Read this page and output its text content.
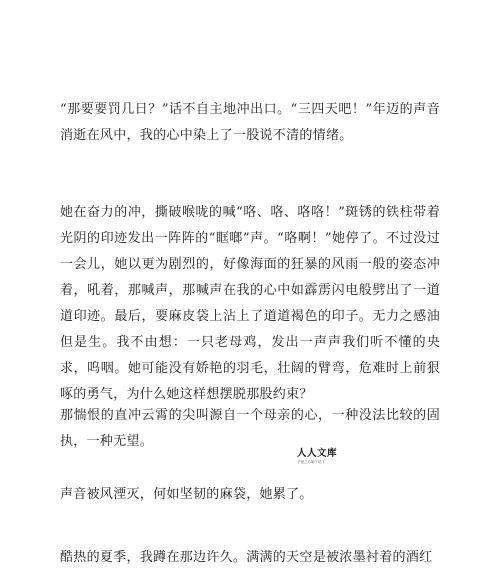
“那要要罚几日？”话不自主地冲出口。“三四天吧！”年迈的声音消逝在风中，我的心中染上了一股说不清的情绪。

她在奋力的冲，撕破喉咙的喊“咯、咯、咯咯！”斑锈的铁柱带着光阴的印迹发出一阵阵的“眶啷”声。“咯啊！”她停了。不过没过一会儿，她以更为剧烈的，好像海面的狂暴的风雨一般的姿态冲着，吼着，那喊声，那喊声在我的心中如霹雳闪电般劈出了一道道印迹。最后，要麻皮袋上沾上了道道褐色的印子。无力之感油但是生。我不由想：一只老母鸡，发出一声声我们听不懂的央求，呜咽。她可能没有娇艳的羽毛，壮阔的臂弯，危难时上前狠啄的勇气，为什么她这样想摆脱那股约束？

那惴恨的直冲云霄的尖叫源自一个母亲的心，一种没法比较的固执，一种无望。

声音被风湮灭，何如坚韧的麻袋，她累了。

酷热的夏季，我蹲在那边许久。满满的天空是被浓墨衬着的酒红

人人文库
千里之行始于足下
